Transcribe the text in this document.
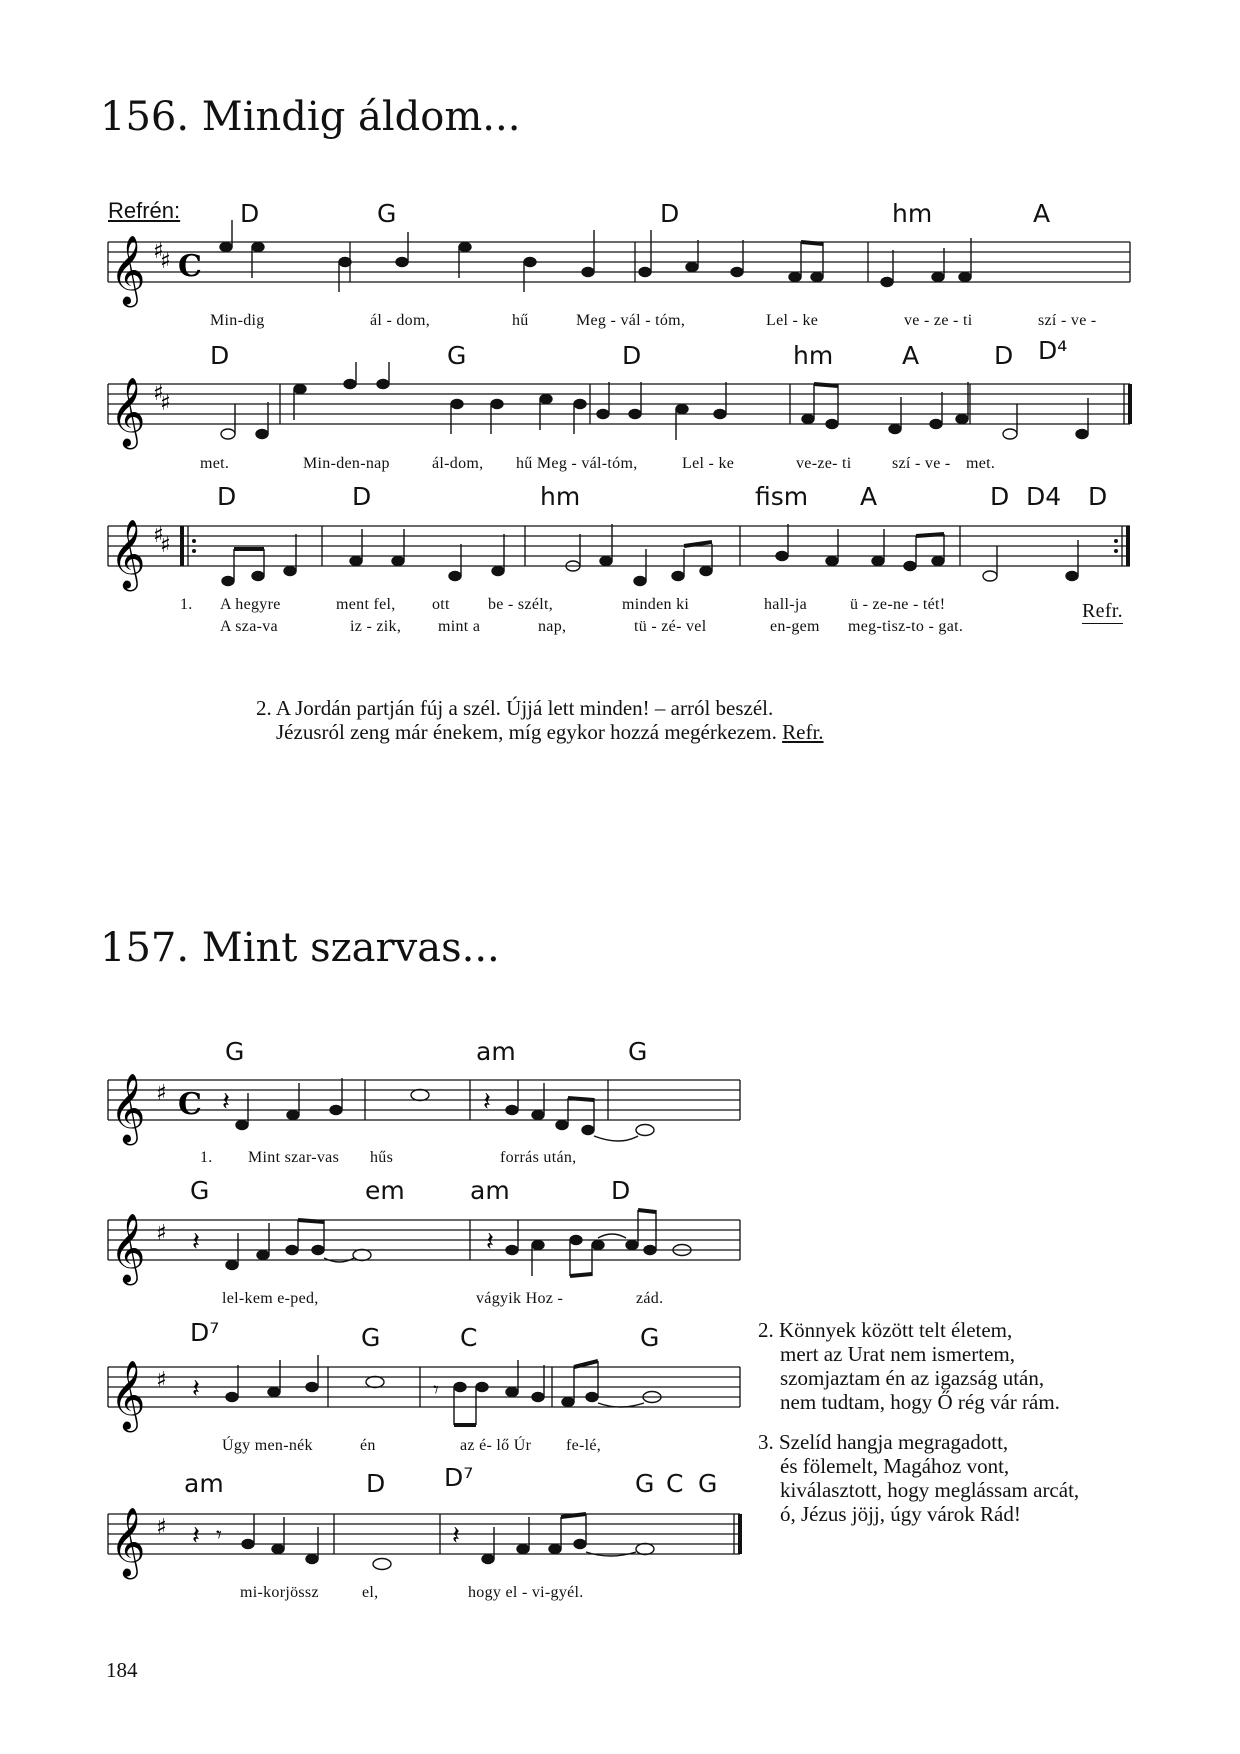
156. Mindig áldom...
Refrén: D	G	D	hm	A
𝄞 ♯
♯ C
Min-dig	ál - dom,	hű	Meg - vál - tóm,	Lel - ke	ve - ze - ti	szí - ve -
D	G	D	hm	A	D D⁴
𝄞 ♯
♯
met.	Min-den-nap	ál-dom, hű Meg - vál-tóm,	Lel - ke	ve-ze- ti	szí - ve - met.
D	D	hm	fism A	D D4 D
𝄞 ♯
♯
1. A hegyre	ment fel, ott be - szélt,	minden ki	hall-ja	ü - ze-ne - tét!
A sza-va	iz - zik, mint a	nap,	tü - zé- vel	en-gem meg-tisz-to - gat.
Refr.
2. A Jordán partján fúj a szél. Újjá lett minden! – arról beszél.
Jézusról zeng már énekem, míg egykor hozzá megérkezem. Refr.
157. Mint szarvas...
G	am	G
𝄞 ♯ C 𝄽	𝄽
1. Mint szar-vas hűs	forrás után,
G	em	am	D
𝄞 ♯ 𝄽	𝄽
lel-kem e-ped,	vágyik Hoz -	zád.
D⁷	G	C	G
𝄞 ♯ 𝄽	𝄾
Úgy men-nék	én	az é- lő Úr fe-lé,
am	D D⁷	G C G
𝄞 ♯ 𝄽 𝄾	𝄽
mi-korjössz	el,	hogy el - vi-gyél.
2. Könnyek között telt életem,
mert az Urat nem ismertem,
szomjaztam én az igazság után,
nem tudtam, hogy Ő rég vár rám.
3. Szelíd hangja megragadott,
és fölemelt, Magához vont,
kiválasztott, hogy meglássam arcát,
ó, Jézus jöjj, úgy várok Rád!
184
